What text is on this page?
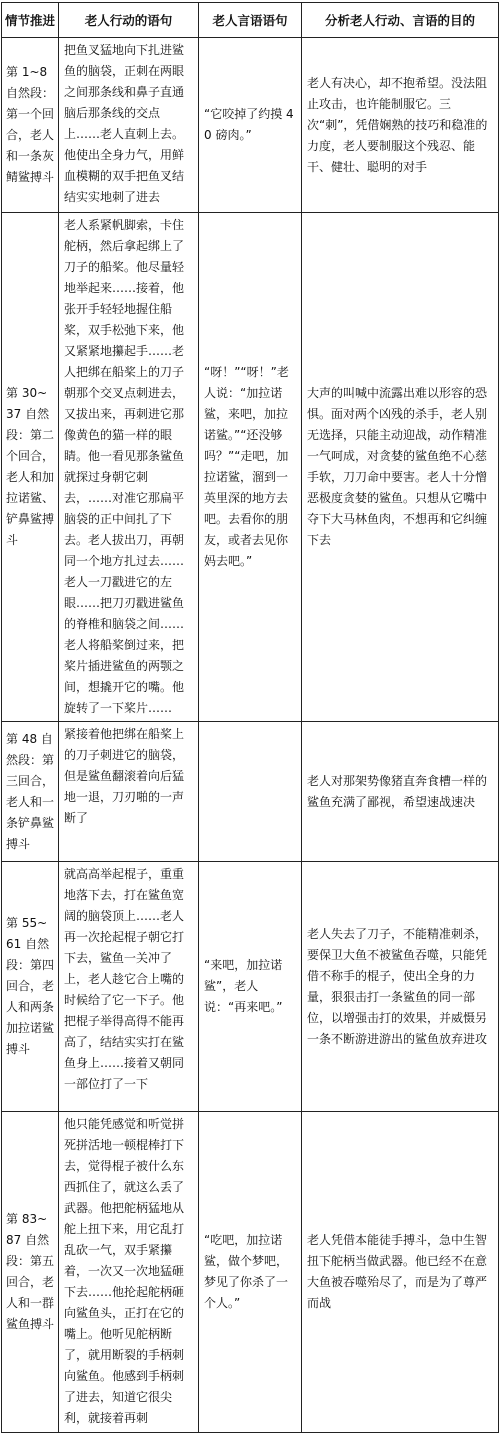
情节推进	老人行动的语句	老人言语语句	分析老人行动、言语的目的
第 1~8 自然段：第一个回合，老人和一条灰鲭鲨搏斗	把鱼叉猛地向下扎进鲨鱼的脑袋，正刺在两眼之间那条线和鼻子直通脑后那条线的交点上……老人直刺上去。他使出全身力气，用鲜血模糊的双手把鱼叉结结实实地刺了进去	“它咬掉了约摸 40 磅肉。”	老人有决心，却不抱希望。没法阻止攻击，也许能制服它。三次“刺”，凭借娴熟的技巧和稳准的力度，老人要制服这个残忍、能干、健壮、聪明的对手
第 30~37 自然段：第二个回合，老人和加拉诺鲨、铲鼻鲨搏斗	老人系紧帆脚索，卡住舵柄，然后拿起绑上了刀子的船桨。他尽量轻地举起来……接着，他张开手轻轻地握住船桨，双手松弛下来，他又紧紧地攥起手……老人把绑在船桨上的刀子朝那个交叉点刺进去，又拔出来，再刺进它那像黄色的猫一样的眼睛。他一看见那条鲨鱼就探过身朝它刺去，……对准它那扁平脑袋的正中间扎了下去。老人拔出刀，再朝同一个地方扎过去……老人一刀戳进它的左眼……把刀刃戳进鲨鱼的脊椎和脑袋之间……老人将船桨倒过来，把桨片插进鲨鱼的两颚之间，想撬开它的嘴。他旋转了一下桨片……	“呀！”“呀！”老人说：“加拉诺鲨，来吧，加拉诺鲨。”“还没够吗？”“走吧，加拉诺鲨，溜到一英里深的地方去吧。去看你的朋友，或者去见你妈去吧。”	大声的叫喊中流露出难以形容的恐惧。面对两个凶残的杀手，老人别无选择，只能主动迎战，动作精准一气呵成，对贪婪的鲨鱼绝不心慈手软，刀刀命中要害。老人十分憎恶极度贪婪的鲨鱼。只想从它嘴中夺下大马林鱼肉，不想再和它纠缠下去
第 48 自然段：第三回合，老人和一条铲鼻鲨搏斗	紧接着他把绑在船桨上的刀子刺进它的脑袋，但是鲨鱼翻滚着向后猛地一退，刀刃啪的一声断了		老人对那架势像猪直奔食槽一样的鲨鱼充满了鄙视，希望速战速决
第 55~61 自然段：第四回合，老人和两条加拉诺鲨搏斗	就高高举起棍子，重重地落下去，打在鲨鱼宽阔的脑袋顶上……老人再一次抡起棍子朝它打下去，鲨鱼一关冲了上，老人趁它合上嘴的时候给了它一下子。他把棍子举得高得不能再高了，结结实实打在鲨鱼身上……接着又朝同一部位打了一下	“来吧，加拉诺鲨”，老人说：“再来吧。”	老人失去了刀子，不能精准刺杀，要保卫大鱼不被鲨鱼吞噬，只能凭借不称手的棍子，使出全身的力量，狠狠击打一条鲨鱼的同一部位，以增强击打的效果，并威慑另一条不断游进游出的鲨鱼放弃进攻
第 83~87 自然段：第五回合，老人和一群鲨鱼搏斗	他只能凭感觉和听觉拼死拼活地一顿棍棒打下去，觉得棍子被什么东西抓住了，就这么丢了武器。他把舵柄猛地从舵上扭下来，用它乱打乱砍一气，双手紧攥着，一次又一次地猛砸下去……他抡起舵柄砸向鲨鱼头，正打在它的嘴上。他听见舵柄断了，就用断裂的手柄刺向鲨鱼。他感到手柄刺了进去，知道它很尖利，就接着再刺	“吃吧，加拉诺鲨，做个梦吧，梦见了你杀了一个人。”	老人凭借本能徒手搏斗，急中生智扭下舵柄当做武器。他已经不在意大鱼被吞噬殆尽了，而是为了尊严而战
